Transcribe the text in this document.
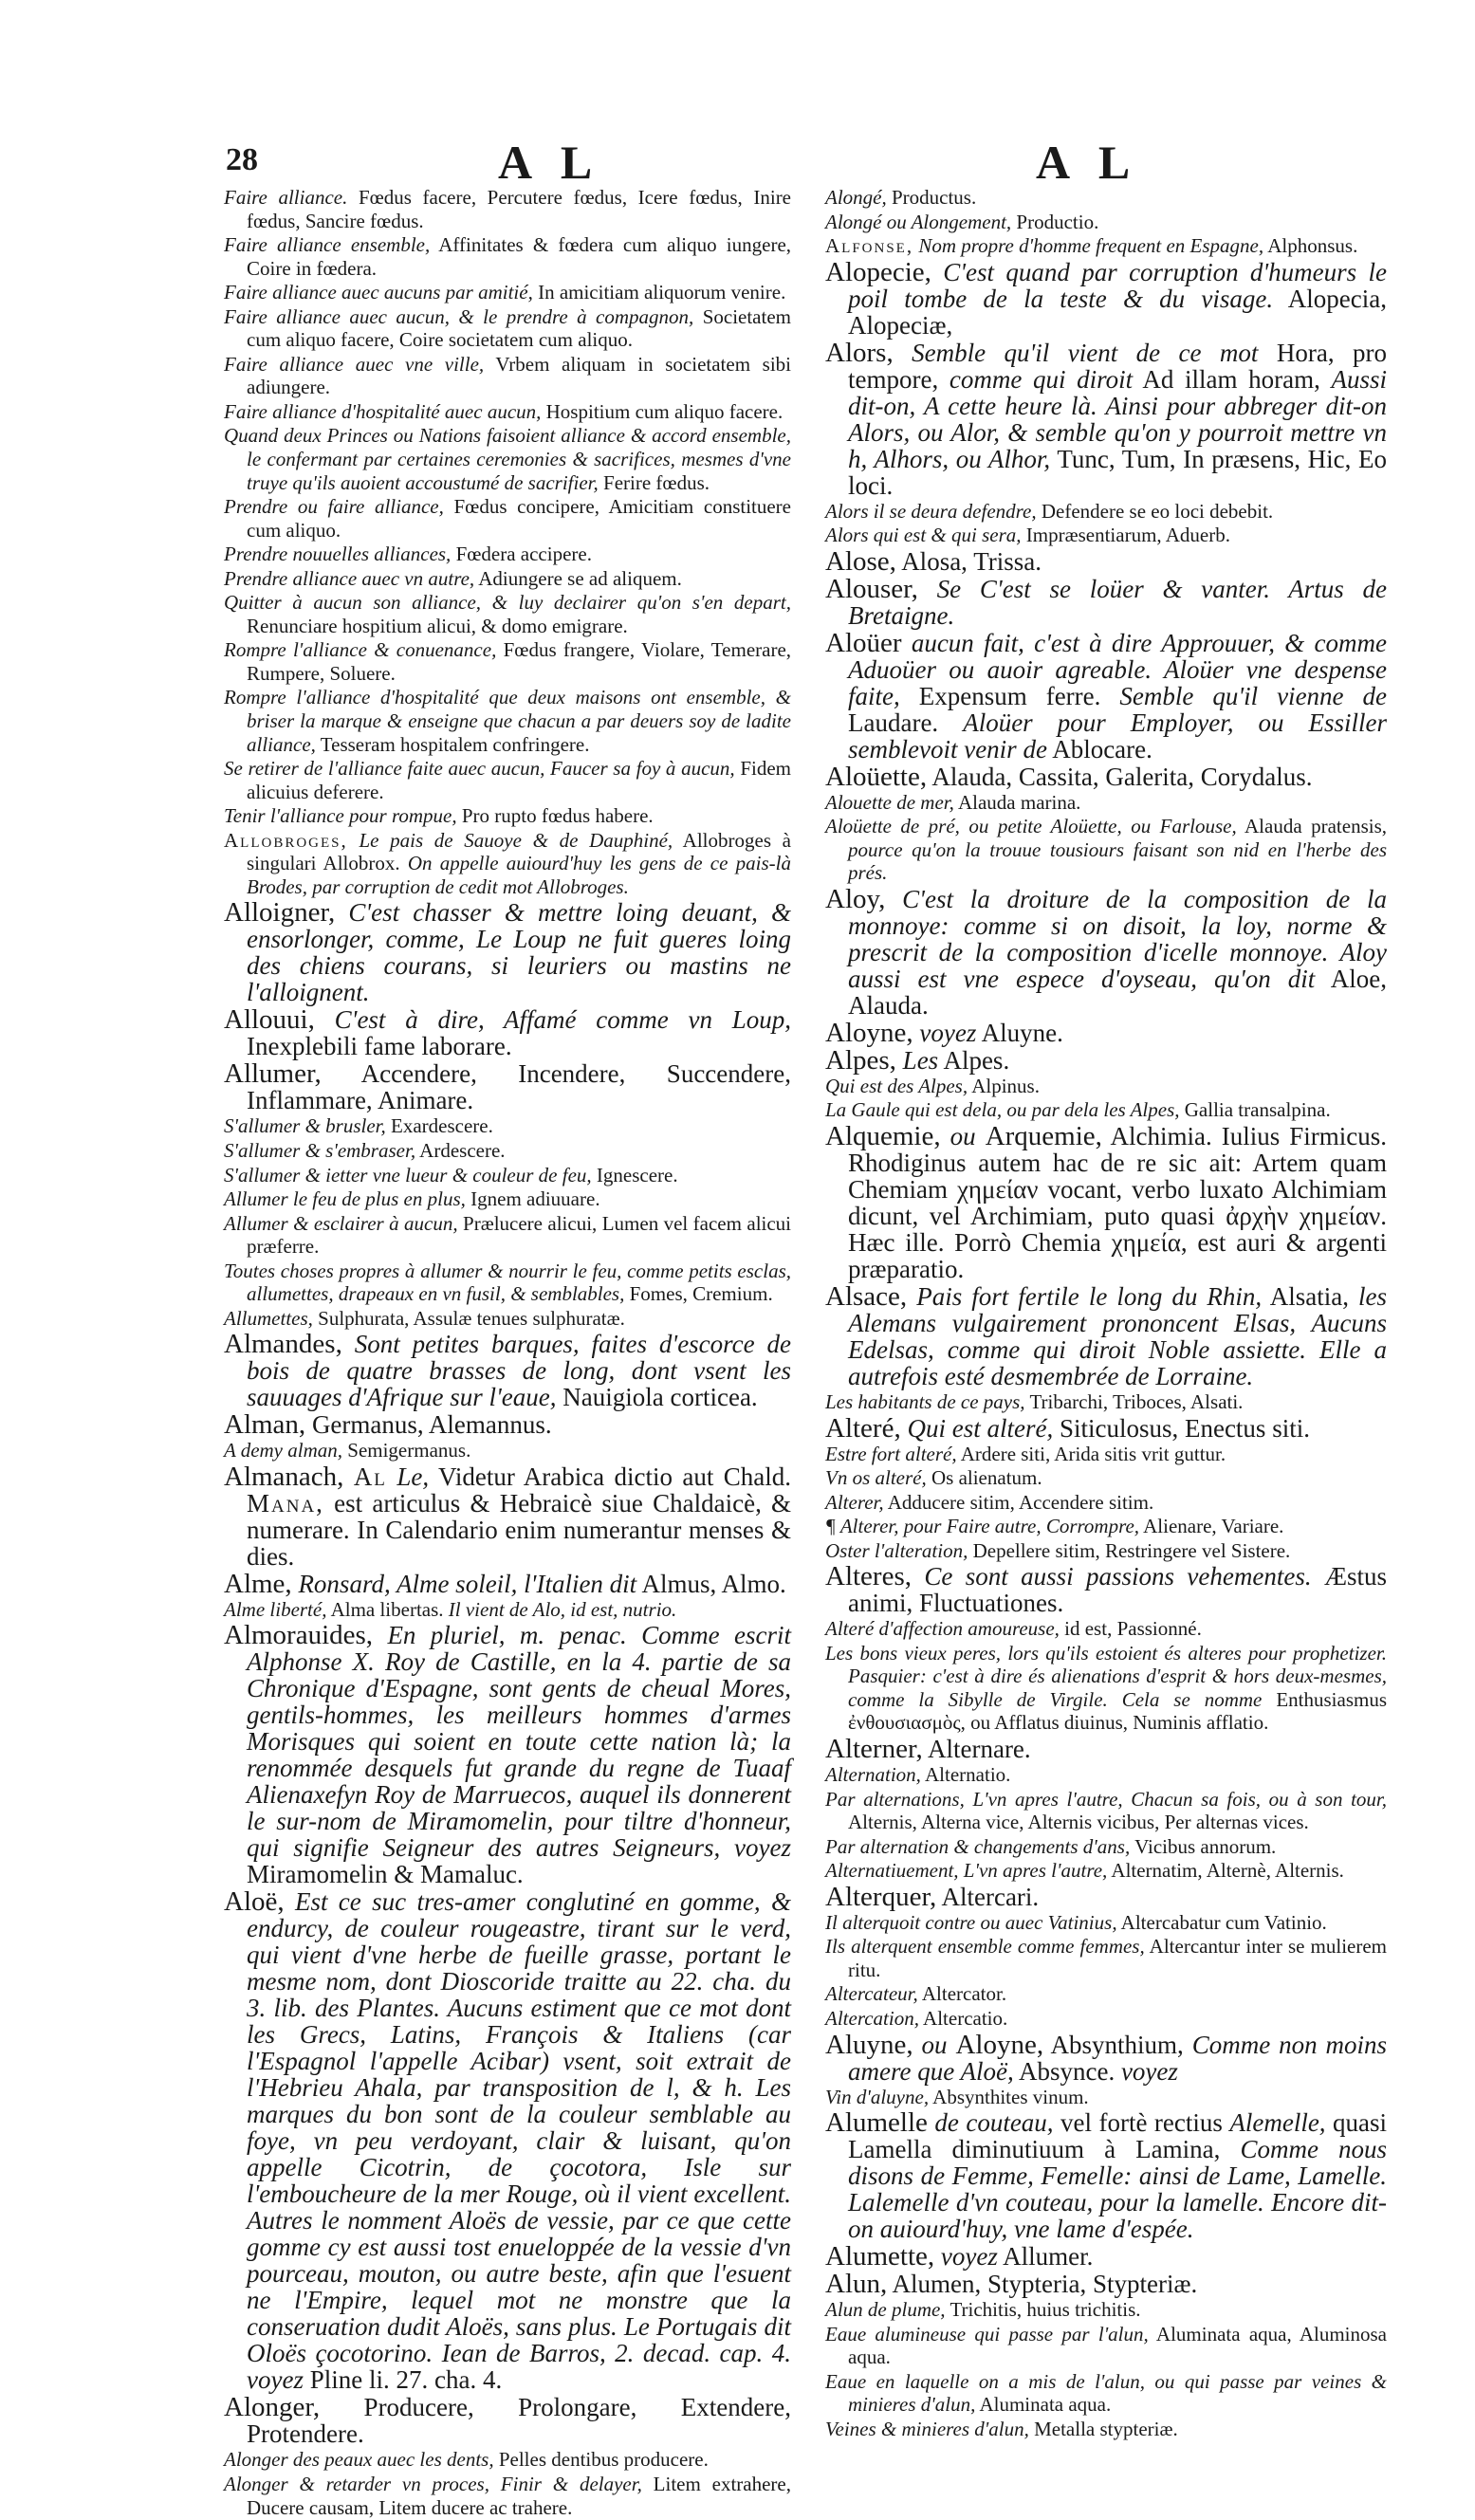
28	A L	A L

Faire alliance. Fœdus facere, Percutere fœdus, Icere fœdus, Inire fœdus, Sancire fœdus.

Faire alliance ensemble, Affinitates & fœdera cum aliquo iungere, Coire in fœdera.

Faire alliance auec aucuns par amitié, In amicitiam aliquorum venire.

Faire alliance auec aucun, & le prendre à compagnon, Societatem cum aliquo facere, Coire societatem cum aliquo.

Faire alliance auec vne ville, Vrbem aliquam in societatem sibi adiungere.

Faire alliance d'hospitalité auec aucun, Hospitium cum aliquo facere.

Quand deux Princes ou Nations faisoient alliance & accord ensemble, le confermant par certaines ceremonies & sacrifices, mesmes d'vne truye qu'ils auoient accoustumé de sacrifier, Ferire fœdus.

Prendre ou faire alliance, Fœdus concipere, Amicitiam constituere cum aliquo.

Prendre nouuelles alliances, Fœdera accipere.

Prendre alliance auec vn autre, Adiungere se ad aliquem.

Quitter à aucun son alliance, & luy declairer qu'on s'en depart, Renunciare hospitium alicui, & domo emigrare.

Rompre l'alliance & conuenance, Fœdus frangere, Violare, Temerare, Rumpere, Soluere.

Rompre l'alliance d'hospitalité que deux maisons ont ensemble, & briser la marque & enseigne que chacun a par deuers soy de ladite alliance, Tesseram hospitalem confringere.

Se retirer de l'alliance faite auec aucun, Faucer sa foy à aucun, Fidem alicuius deferere.

Tenir l'alliance pour rompue, Pro rupto fœdus habere.

Allobroges, Le pais de Sauoye & de Dauphiné, Allobroges à singulari Allobrox. On appelle auiourd'huy les gens de ce pais-là Brodes, par corruption de cedit mot Allobroges.

Alloigner, C'est chasser & mettre loing deuant, & ensorlonger, comme, Le Loup ne fuit gueres loing des chiens courans, si leuriers ou mastins ne l'alloignent.

Allouui, C'est à dire, Affamé comme vn Loup, Inexplebili fame laborare.

Allumer, Accendere, Incendere, Succendere, Inflammare, Animare.

S'allumer & brusler, Exardescere.

S'allumer & s'embraser, Ardescere.

S'allumer & ietter vne lueur & couleur de feu, Ignescere.

Allumer le feu de plus en plus, Ignem adiuuare.

Allumer & esclairer à aucun, Prælucere alicui, Lumen vel facem alicui præferre.

Toutes choses propres à allumer & nourrir le feu, comme petits esclas, allumettes, drapeaux en vn fusil, & semblables, Fomes, Cremium.

Allumettes, Sulphurata, Assulæ tenues sulphuratæ.

Almandes, Sont petites barques, faites d'escorce de bois de quatre brasses de long, dont vsent les sauuages d'Afrique sur l'eaue, Nauigiola corticea.

Alman, Germanus, Alemannus.

A demy alman, Semigermanus.

Almanach, Al Le, Videtur Arabica dictio aut Chald. Mana, est articulus & Hebraicè siue Chaldaicè, & numerare. In Calendario enim numerantur menses & dies.

Alme, Ronsard, Alme soleil, l'Italien dit Almus, Almo.

Alme liberté, Alma libertas. Il vient de Alo, id est, nutrio.

Almorauides, En pluriel, m. penac. Comme escrit Alphonse X. Roy de Castille, en la 4. partie de sa Chronique d'Espagne, sont gents de cheual Mores, gentils-hommes, les meilleurs hommes d'armes Morisques qui soient en toute cette nation là; la renommée desquels fut grande du regne de Tuaaf Alienaxefyn Roy de Marruecos, auquel ils donnerent le sur-nom de Miramomelin, pour tiltre d'honneur, qui signifie Seigneur des autres Seigneurs, voyez Miramomelin & Mamaluc.

Aloë, Est ce suc tres-amer conglutiné en gomme, & endurcy, de couleur rougeastre, tirant sur le verd, qui vient d'vne herbe de fueille grasse, portant le mesme nom, dont Dioscoride traitte au 22. cha. du 3. lib. des Plantes. Aucuns estiment que ce mot dont les Grecs, Latins, François & Italiens (car l'Espagnol l'appelle Acibar) vsent, soit extrait de l'Hebrieu Ahala, par transposition de l, & h. Les marques du bon sont de la couleur semblable au foye, vn peu verdoyant, clair & luisant, qu'on appelle Cicotrin, de çocotora, Isle sur l'emboucheure de la mer Rouge, où il vient excellent. Autres le nomment Aloës de vessie, par ce que cette gomme cy est aussi tost enueloppée de la vessie d'vn pourceau, mouton, ou autre beste, afin que l'esuent ne l'Empire, lequel mot ne monstre que la conseruation dudit Aloës, sans plus. Le Portugais dit Oloës çocotorino. Iean de Barros, 2. decad. cap. 4. voyez Pline li. 27. cha. 4.

Alonger, Producere, Prolongare, Extendere, Protendere.

Alonger des peaux auec les dents, Pelles dentibus producere.

Alonger & retarder vn proces, Finir & delayer, Litem extrahere, Ducere causam, Litem ducere ac trahere.

Alongé, Productus.

Alongé ou Alongement, Productio.

Alfonse, Nom propre d'homme frequent en Espagne, Alphonsus.

Alopecie, C'est quand par corruption d'humeurs le poil tombe de la teste & du visage. Alopecia, Alopeciæ,

Alors, Semble qu'il vient de ce mot Hora, pro tempore, comme qui diroit Ad illam horam, Aussi dit-on, A cette heure là. Ainsi pour abbreger dit-on Alors, ou Alor, & semble qu'on y pourroit mettre vn h, Alhors, ou Alhor, Tunc, Tum, In præsens, Hic, Eo loci.

Alors il se deura defendre, Defendere se eo loci debebit.

Alors qui est & qui sera, Impræsentiarum, Aduerb.

Alose, Alosa, Trissa.

Alouser, Se C'est se loüer & vanter. Artus de Bretaigne.

Aloüer aucun fait, c'est à dire Approuuer, & comme Aduoüer ou auoir agreable. Aloüer vne despense faite, Expensum ferre. Semble qu'il vienne de Laudare. Aloüer pour Employer, ou Essiller semblevoit venir de Ablocare.

Aloüette, Alauda, Cassita, Galerita, Corydalus.

Alouette de mer, Alauda marina.

Aloüette de pré, ou petite Aloüette, ou Farlouse, Alauda pratensis, pource qu'on la trouue tousiours faisant son nid en l'herbe des prés.

Aloy, C'est la droiture de la composition de la monnoye: comme si on disoit, la loy, norme & prescrit de la composition d'icelle monnoye. Aloy aussi est vne espece d'oyseau, qu'on dit Aloe, Alauda.

Aloyne, voyez Aluyne.

Alpes, Les Alpes.

Qui est des Alpes, Alpinus.

La Gaule qui est dela, ou par dela les Alpes, Gallia transalpina.

Alquemie, ou Arquemie, Alchimia. Iulius Firmicus. Rhodiginus autem hac de re sic ait: Artem quam Chemiam χημείαν vocant, verbo luxato Alchimiam dicunt, vel Archimiam, puto quasi ἀρχὴν χημείαν. Hæc ille. Porrò Chemia χημεία, est auri & argenti præparatio.

Alsace, Pais fort fertile le long du Rhin, Alsatia, les Alemans vulgairement prononcent Elsas, Aucuns Edelsas, comme qui diroit Noble assiette. Elle a autrefois esté desmembrée de Lorraine.

Les habitants de ce pays, Tribarchi, Triboces, Alsati.

Alteré, Qui est alteré, Siticulosus, Enectus siti.

Estre fort alteré, Ardere siti, Arida sitis vrit guttur.

Vn os alteré, Os alienatum.

Alterer, Adducere sitim, Accendere sitim.

¶ Alterer, pour Faire autre, Corrompre, Alienare, Variare.

Oster l'alteration, Depellere sitim, Restringere vel Sistere.

Alteres, Ce sont aussi passions vehementes. Æstus animi, Fluctuationes.

Alteré d'affection amoureuse, id est, Passionné.

Les bons vieux peres, lors qu'ils estoient és alteres pour prophetizer. Pasquier: c'est à dire és alienations d'esprit & hors deux-mesmes, comme la Sibylle de Virgile. Cela se nomme Enthusiasmus ἐνθουσιασμὸς, ou Afflatus diuinus, Numinis afflatio.

Alterner, Alternare.

Alternation, Alternatio.

Par alternations, L'vn apres l'autre, Chacun sa fois, ou à son tour, Alternis, Alterna vice, Alternis vicibus, Per alternas vices.

Par alternation & changements d'ans, Vicibus annorum.

Alternatiuement, L'vn apres l'autre, Alternatim, Alternè, Alternis.

Alterquer, Altercari.

Il alterquoit contre ou auec Vatinius, Altercabatur cum Vatinio.

Ils alterquent ensemble comme femmes, Altercantur inter se mulierem ritu.

Altercateur, Altercator.

Altercation, Altercatio.

Aluyne, ou Aloyne, Absynthium, Comme non moins amere que Aloë, Absynce. voyez

Vin d'aluyne, Absynthites vinum.

Alumelle de couteau, vel fortè rectius Alemelle, quasi Lamella diminutiuum à Lamina, Comme nous disons de Femme, Femelle: ainsi de Lame, Lamelle. Lalemelle d'vn couteau, pour la lamelle. Encore dit-on auiourd'huy, vne lame d'espée.

Alumette, voyez Allumer.

Alun, Alumen, Stypteria, Stypteriæ.

Alun de plume, Trichitis, huius trichitis.

Eaue alumineuse qui passe par l'alun, Aluminata aqua, Aluminosa aqua.

Eaue en laquelle on a mis de l'alun, ou qui passe par veines & minieres d'alun, Aluminata aqua.

Veines & minieres d'alun, Metalla stypteriæ.
